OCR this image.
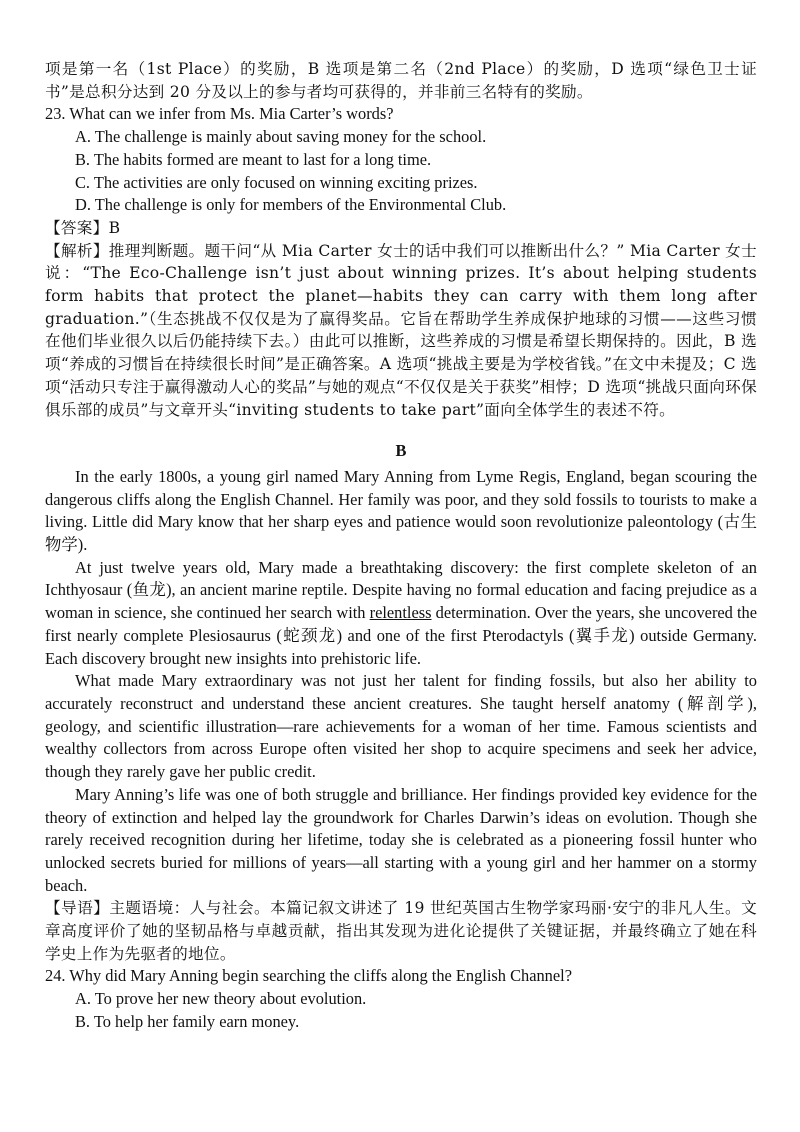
项是第一名（1st Place）的奖励，B 选项是第二名（2nd Place）的奖励，D 选项“绿色卫士证书”是总积分达到 20 分及以上的参与者均可获得的，并非前三名特有的奖励。

23. What can we infer from Ms. Mia Carter’s words?

A. The challenge is mainly about saving money for the school.

B. The habits formed are meant to last for a long time.

C. The activities are only focused on winning exciting prizes.

D. The challenge is only for members of the Environmental Club.

【答案】B

【解析】推理判断题。题干问“从 Mia Carter 女士的话中我们可以推断出什么？” Mia Carter 女士说：“The Eco-Challenge isn’t just about winning prizes. It’s about helping students form habits that protect the planet—habits they can carry with them long after graduation.”（生态挑战不仅仅是为了赢得奖品。它旨在帮助学生养成保护地球的习惯——这些习惯在他们毕业很久以后仍能持续下去。）由此可以推断，这些养成的习惯是希望长期保持的。因此，B 选项“养成的习惯旨在持续很长时间”是正确答案。A 选项“挑战主要是为学校省钱。”在文中未提及；C 选项“活动只专注于赢得激动人心的奖品”与她的观点“不仅仅是关于获奖”相悖；D 选项“挑战只面向环保俱乐部的成员”与文章开头“inviting students to take part”面向全体学生的表述不符。

B

In the early 1800s, a young girl named Mary Anning from Lyme Regis, England, began scouring the dangerous cliffs along the English Channel. Her family was poor, and they sold fossils to tourists to make a living. Little did Mary know that her sharp eyes and patience would soon revolutionize paleontology (古生物学).

At just twelve years old, Mary made a breathtaking discovery: the first complete skeleton of an Ichthyosaur (鱼龙), an ancient marine reptile. Despite having no formal education and facing prejudice as a woman in science, she continued her search with relentless determination. Over the years, she uncovered the first nearly complete Plesiosaurus (蛇颈龙) and one of the first Pterodactyls (翼手龙) outside Germany. Each discovery brought new insights into prehistoric life.

What made Mary extraordinary was not just her talent for finding fossils, but also her ability to accurately reconstruct and understand these ancient creatures. She taught herself anatomy (解剖学), geology, and scientific illustration—rare achievements for a woman of her time. Famous scientists and wealthy collectors from across Europe often visited her shop to acquire specimens and seek her advice, though they rarely gave her public credit.

Mary Anning’s life was one of both struggle and brilliance. Her findings provided key evidence for the theory of extinction and helped lay the groundwork for Charles Darwin’s ideas on evolution. Though she rarely received recognition during her lifetime, today she is celebrated as a pioneering fossil hunter who unlocked secrets buried for millions of years—all starting with a young girl and her hammer on a stormy beach.

【导语】主题语境：人与社会。本篇记叙文讲述了 19 世纪英国古生物学家玛丽·安宁的非凡人生。文章高度评价了她的坚韧品格与卓越贡献，指出其发现为进化论提供了关键证据，并最终确立了她在科学史上作为先驱者的地位。

24. Why did Mary Anning begin searching the cliffs along the English Channel?

A. To prove her new theory about evolution.

B. To help her family earn money.
